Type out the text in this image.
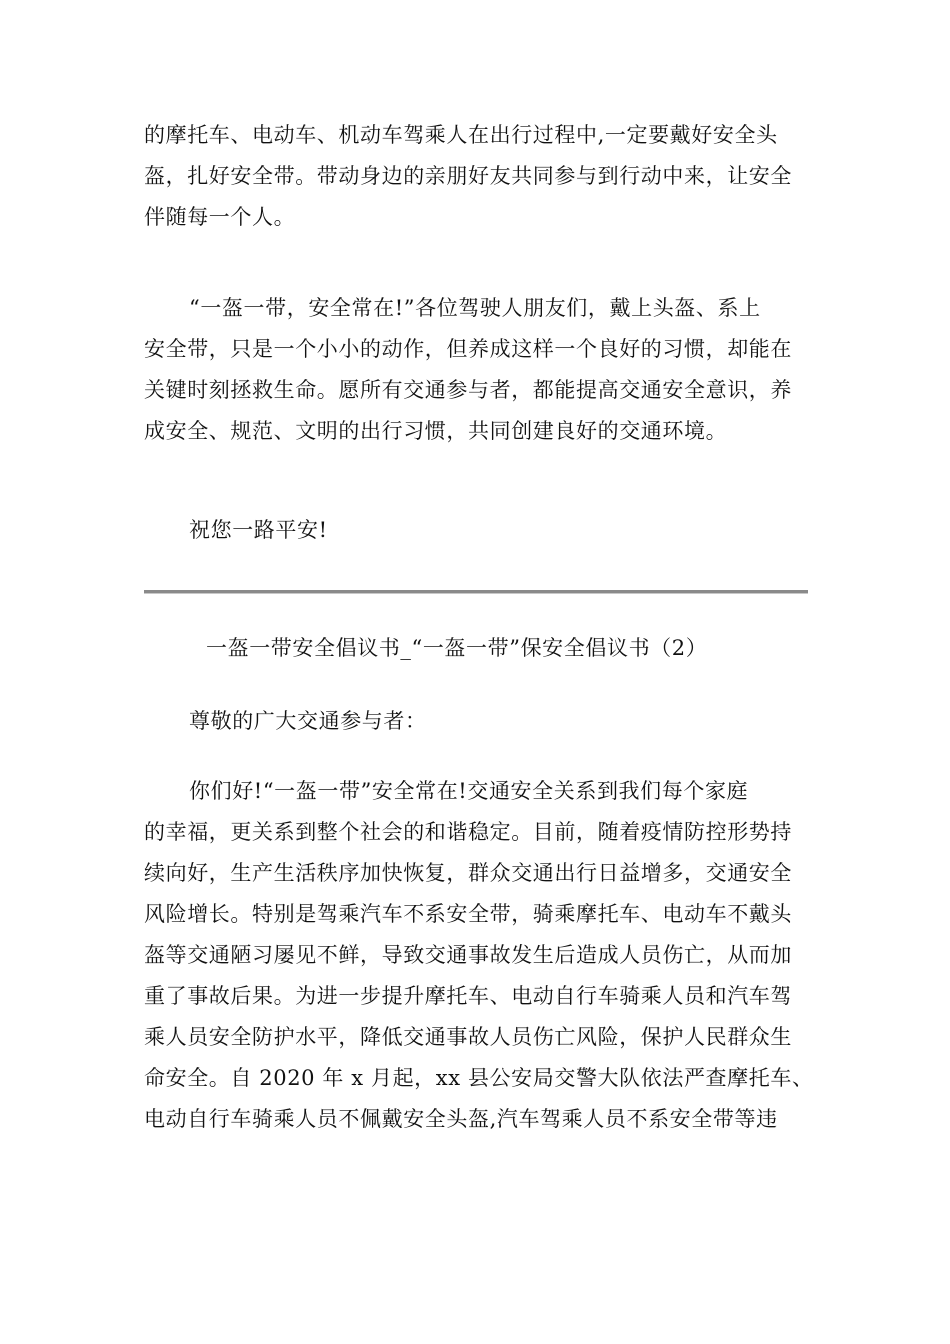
的摩托车、电动车、机动车驾乘人在出行过程中,一定要戴好安全头
盔，扎好安全带。带动身边的亲朋好友共同参与到行动中来，让安全
伴随每一个人。
“一盔一带，安全常在!”各位驾驶人朋友们，戴上头盔、系上
安全带，只是一个小小的动作，但养成这样一个良好的习惯，却能在
关键时刻拯救生命。愿所有交通参与者，都能提高交通安全意识，养
成安全、规范、文明的出行习惯，共同创建良好的交通环境。
祝您一路平安!
一盔一带安全倡议书_“一盔一带”保安全倡议书（2）
尊敬的广大交通参与者：
你们好!“一盔一带”安全常在!交通安全关系到我们每个家庭
的幸福，更关系到整个社会的和谐稳定。目前，随着疫情防控形势持
续向好，生产生活秩序加快恢复，群众交通出行日益增多，交通安全
风险增长。特别是驾乘汽车不系安全带，骑乘摩托车、电动车不戴头
盔等交通陋习屡见不鲜，导致交通事故发生后造成人员伤亡，从而加
重了事故后果。为进一步提升摩托车、电动自行车骑乘人员和汽车驾
乘人员安全防护水平，降低交通事故人员伤亡风险，保护人民群众生
命安全。自 2020 年 x 月起，xx 县公安局交警大队依法严查摩托车、
电动自行车骑乘人员不佩戴安全头盔,汽车驾乘人员不系安全带等违
